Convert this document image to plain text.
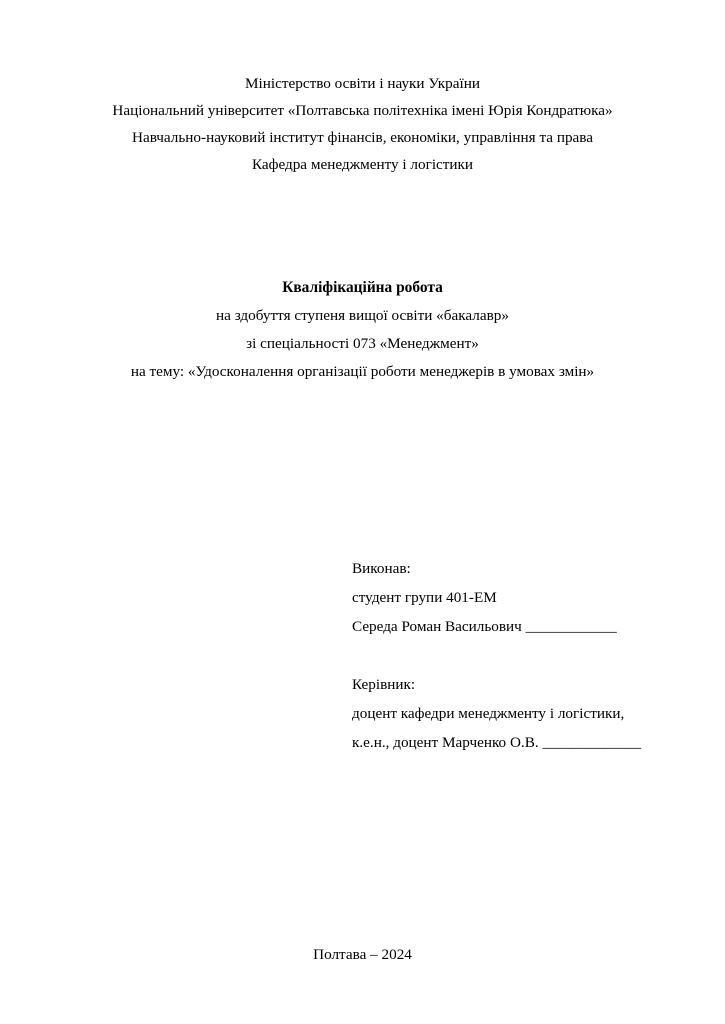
Міністерство освіти і науки України
Національний університет «Полтавська політехніка імені Юрія Кондратюка»
Навчально-науковий інститут фінансів, економіки, управління та права
Кафедра менеджменту і логістики
Кваліфікаційна робота
на здобуття ступеня вищої освіти «бакалавр»
зі спеціальності 073 «Менеджмент»
на тему: «Удосконалення організації роботи менеджерів в умовах змін»
Виконав:
студент групи 401-ЕМ
Середа Роман Васильович ____________
Керівник:
доцент кафедри менеджменту і логістики,
к.е.н., доцент Марченко О.В. _____________
Полтава – 2024
